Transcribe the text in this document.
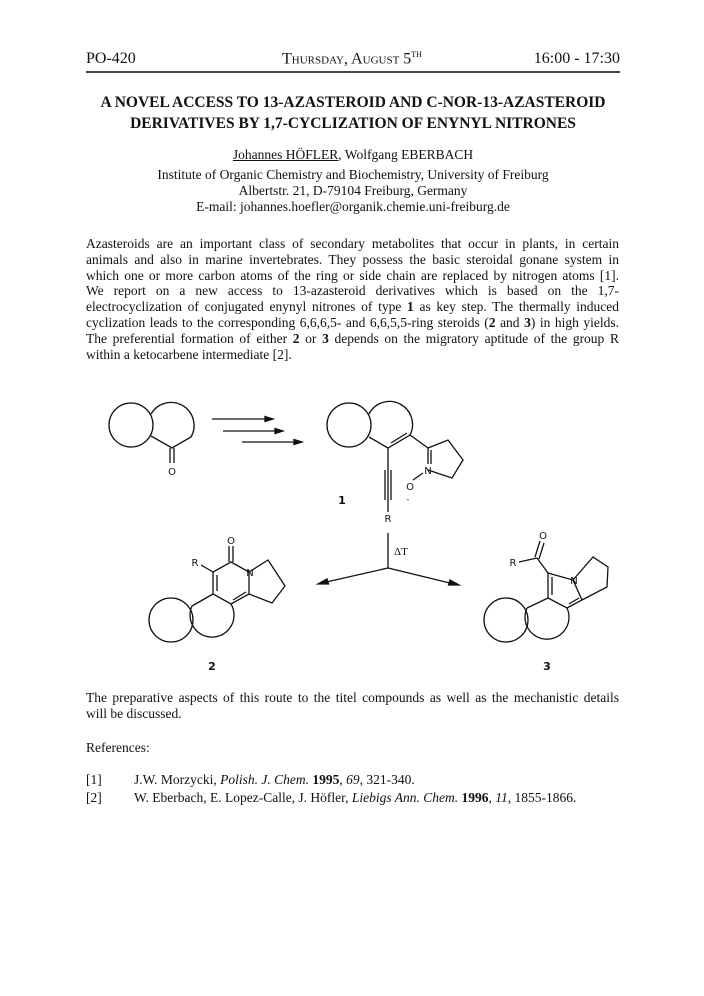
PO-420	Thursday, August 5TH	16:00 - 17:30
A NOVEL ACCESS TO 13-AZASTEROID AND C-NOR-13-AZASTEROID
DERIVATIVES BY 1,7-CYCLIZATION OF ENYNYL NITRONES
Johannes HÖFLER, Wolfgang EBERBACH
Institute of Organic Chemistry and Biochemistry, University of Freiburg
Albertstr. 21, D-79104 Freiburg, Germany
E-mail: johannes.hoefler@organik.chemie.uni-freiburg.de
Azasteroids are an important class of secondary metabolites that occur in plants, in certain
animals and also in marine invertebrates. They possess the basic steroidal gonane system in
which one or more carbon atoms of the ring or side chain are replaced by nitrogen atoms [1].
We report on a new access to 13-azasteroid derivatives which is based on the 1,7-
electrocyclization of conjugated enynyl nitrones of type 1 as key step. The thermally induced
cyclization leads to the corresponding 6,6,6,5- and 6,6,5,5-ring steroids (2 and 3) in high yields.
The preferential formation of either 2 or 3 depends on the migratory aptitude of the group R
within a ketocarbene intermediate [2].
O	N
O
-
R
1
ΔT
O
N
R
2
O
N
R
3
The preparative aspects of this route to the titel compounds as well as the mechanistic details
will be discussed.
References:
[1] J.W. Morzycki, Polish. J. Chem. 1995, 69, 321-340.
[2] W. Eberbach, E. Lopez-Calle, J. Höfler, Liebigs Ann. Chem. 1996, 11, 1855-1866.
